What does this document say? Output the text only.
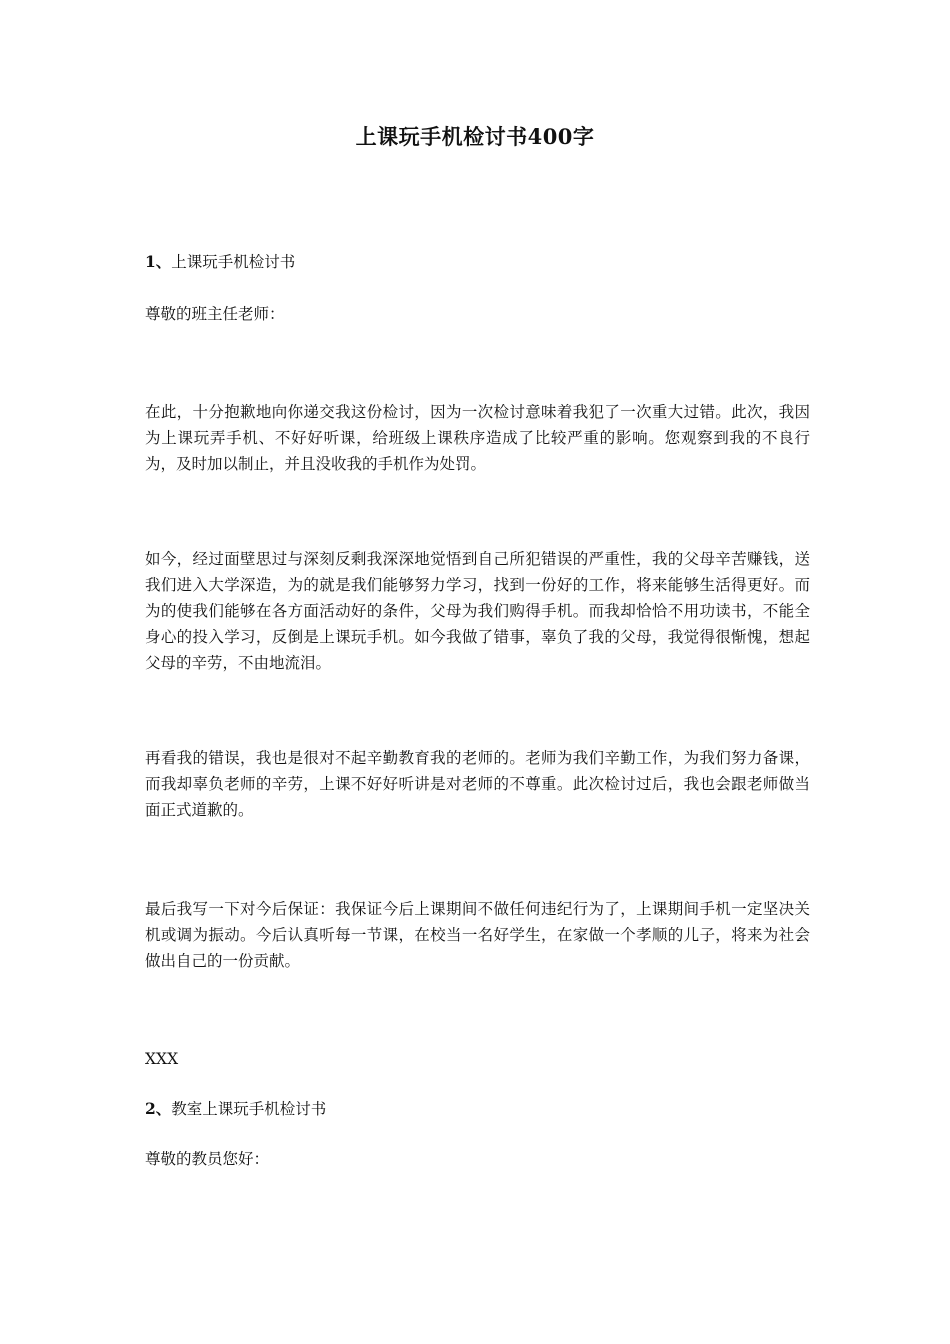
上课玩手机检讨书400字
1、上课玩手机检讨书
尊敬的班主任老师：
在此，十分抱歉地向你递交我这份检讨，因为一次检讨意味着我犯了一次重大过错。此次，我因为上课玩弄手机、不好好听课，给班级上课秩序造成了比较严重的影响。您观察到我的不良行为，及时加以制止，并且没收我的手机作为处罚。
如今，经过面壁思过与深刻反剩我深深地觉悟到自己所犯错误的严重性，我的父母辛苦赚钱，送我们进入大学深造，为的就是我们能够努力学习，找到一份好的工作，将来能够生活得更好。而为的使我们能够在各方面活动好的条件，父母为我们购得手机。而我却恰恰不用功读书，不能全身心的投入学习，反倒是上课玩手机。如今我做了错事，辜负了我的父母，我觉得很惭愧，想起父母的辛劳，不由地流泪。
再看我的错误，我也是很对不起辛勤教育我的老师的。老师为我们辛勤工作，为我们努力备课，而我却辜负老师的辛劳，上课不好好听讲是对老师的不尊重。此次检讨过后，我也会跟老师做当面正式道歉的。
最后我写一下对今后保证：我保证今后上课期间不做任何违纪行为了，上课期间手机一定坚决关机或调为振动。今后认真听每一节课，在校当一名好学生，在家做一个孝顺的儿子，将来为社会做出自己的一份贡献。
XXX
2、教室上课玩手机检讨书
尊敬的教员您好：
